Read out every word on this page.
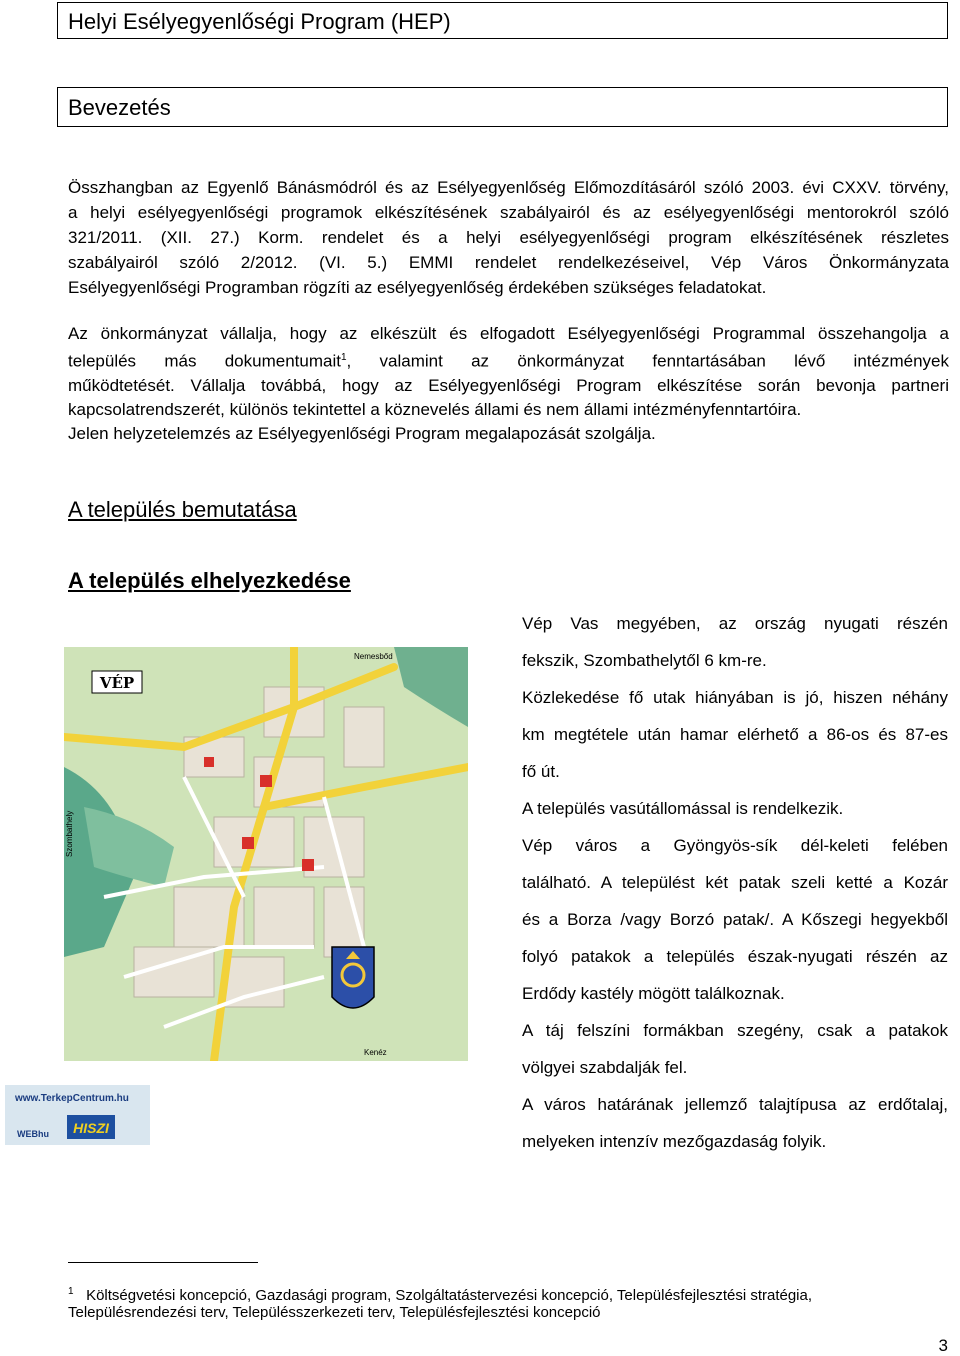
Helyi Esélyegyenlőségi Program (HEP)
Bevezetés
Összhangban az Egyenlő Bánásmódról és az Esélyegyenlőség Előmozdításáról szóló 2003. évi CXXV. törvény,
a helyi esélyegyenlőségi programok elkészítésének szabályairól és az esélyegyenlőségi mentorokról szóló
321/2011. (XII. 27.) Korm. rendelet és a helyi esélyegyenlőségi program elkészítésének részletes
szabályairól szóló 2/2012. (VI. 5.) EMMI rendelet rendelkezéseivel, Vép Város Önkormányzata
Esélyegyenlőségi Programban rögzíti az esélyegyenlőség érdekében szükséges feladatokat.
Az önkormányzat vállalja, hogy az elkészült és elfogadott Esélyegyenlőségi Programmal összehangolja a
település más dokumentumait$^1$, valamint az önkormányzat fenntartásában lévő intézmények
működtetését. Vállalja továbbá, hogy az Esélyegyenlőségi Program elkészítése során bevonja partneri
kapcsolatrendszerét, különös tekintettel a köznevelés állami és nem állami intézményfenntartóira.
Jelen helyzetelemzés az Esélyegyenlőségi Program megalapozását szolgálja.
A település bemutatása
A település elhelyezkedése
Vép Vas megyében, az ország nyugati részén
fekszik, Szombathelytől 6 km-re.
Közlekedése fő utak hiányában is jó, hiszen néhány
km megtétele után hamar elérhető a 86-os és 87-es
fő út.
A település vasútállomással is rendelkezik.
Vép város a Gyöngyös-sík dél-keleti felében
található. A települést két patak szeli ketté a Kozár
és a Borza /vagy Borzó patak/. A Kőszegi hegyekből
folyó patakok a település észak-nyugati részén az
Erdődy kastély mögött találkoznak.
A táj felszíni formákban szegény, csak a patakok
völgyei szabdalják fel.
A város határának jellemző talajtípusa az erdőtalaj,
melyeken intenzív mezőgazdaság folyik.
VÉP
Nemesbőd
Szombathely
Kenéz
www.TerkepCentrum.hu
WEBhu HISZI
$^1$ Költségvetési koncepció, Gazdasági program, Szolgáltatástervezési koncepció, Településfejlesztési stratégia,
Településrendezési terv, Településszerkezeti terv, Településfejlesztési koncepció
3
